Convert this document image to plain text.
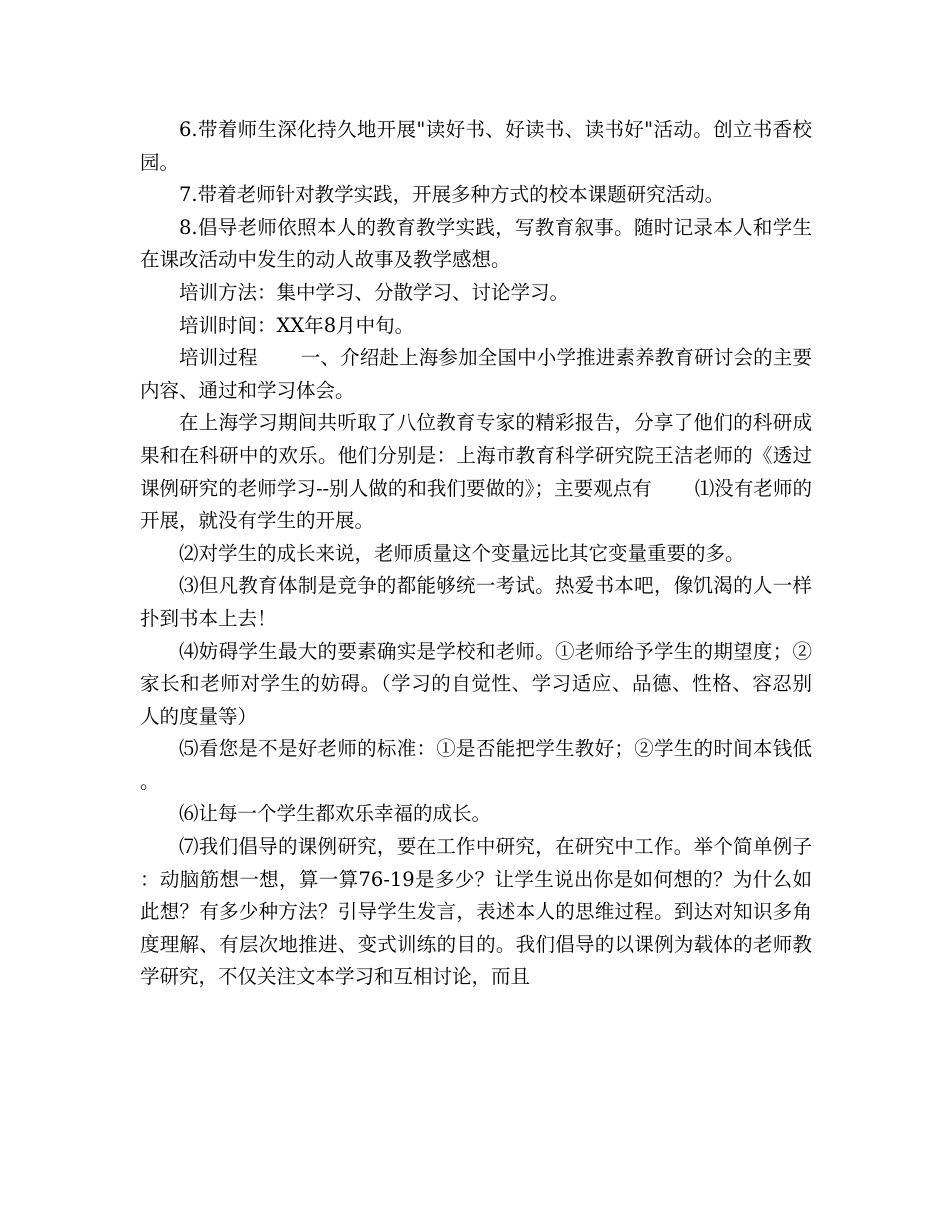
6.带着师生深化持久地开展"读好书、好读书、读书好"活动。创立书香校园。

7.带着老师针对教学实践，开展多种方式的校本课题研究活动。

8.倡导老师依照本人的教育教学实践，写教育叙事。随时记录本人和学生在课改活动中发生的动人故事及教学感想。

培训方法：集中学习、分散学习、讨论学习。

培训时间：XX年8月中旬。

培训过程 一、介绍赴上海参加全国中小学推进素养教育研讨会的主要内容、通过和学习体会。

在上海学习期间共听取了八位教育专家的精彩报告，分享了他们的科研成果和在科研中的欢乐。他们分别是：上海市教育科学研究院王洁老师的《透过课例研究的老师学习--别人做的和我们要做的》；主要观点有 ⑴没有老师的开展，就没有学生的开展。

⑵对学生的成长来说，老师质量这个变量远比其它变量重要的多。

⑶但凡教育体制是竞争的都能够统一考试。热爱书本吧，像饥渴的人一样扑到书本上去！

⑷妨碍学生最大的要素确实是学校和老师。①老师给予学生的期望度；②家长和老师对学生的妨碍。（学习的自觉性、学习适应、品德、性格、容忍别人的度量等）

⑸看您是不是好老师的标准：①是否能把学生教好；②学生的时间本钱低。

⑹让每一个学生都欢乐幸福的成长。

⑺我们倡导的课例研究，要在工作中研究，在研究中工作。举个简单例子：动脑筋想一想，算一算76-19是多少？让学生说出你是如何想的？为什么如此想？有多少种方法？引导学生发言，表述本人的思维过程。到达对知识多角度理解、有层次地推进、变式训练的目的。我们倡导的以课例为载体的老师教学研究，不仅关注文本学习和互相讨论，而且
